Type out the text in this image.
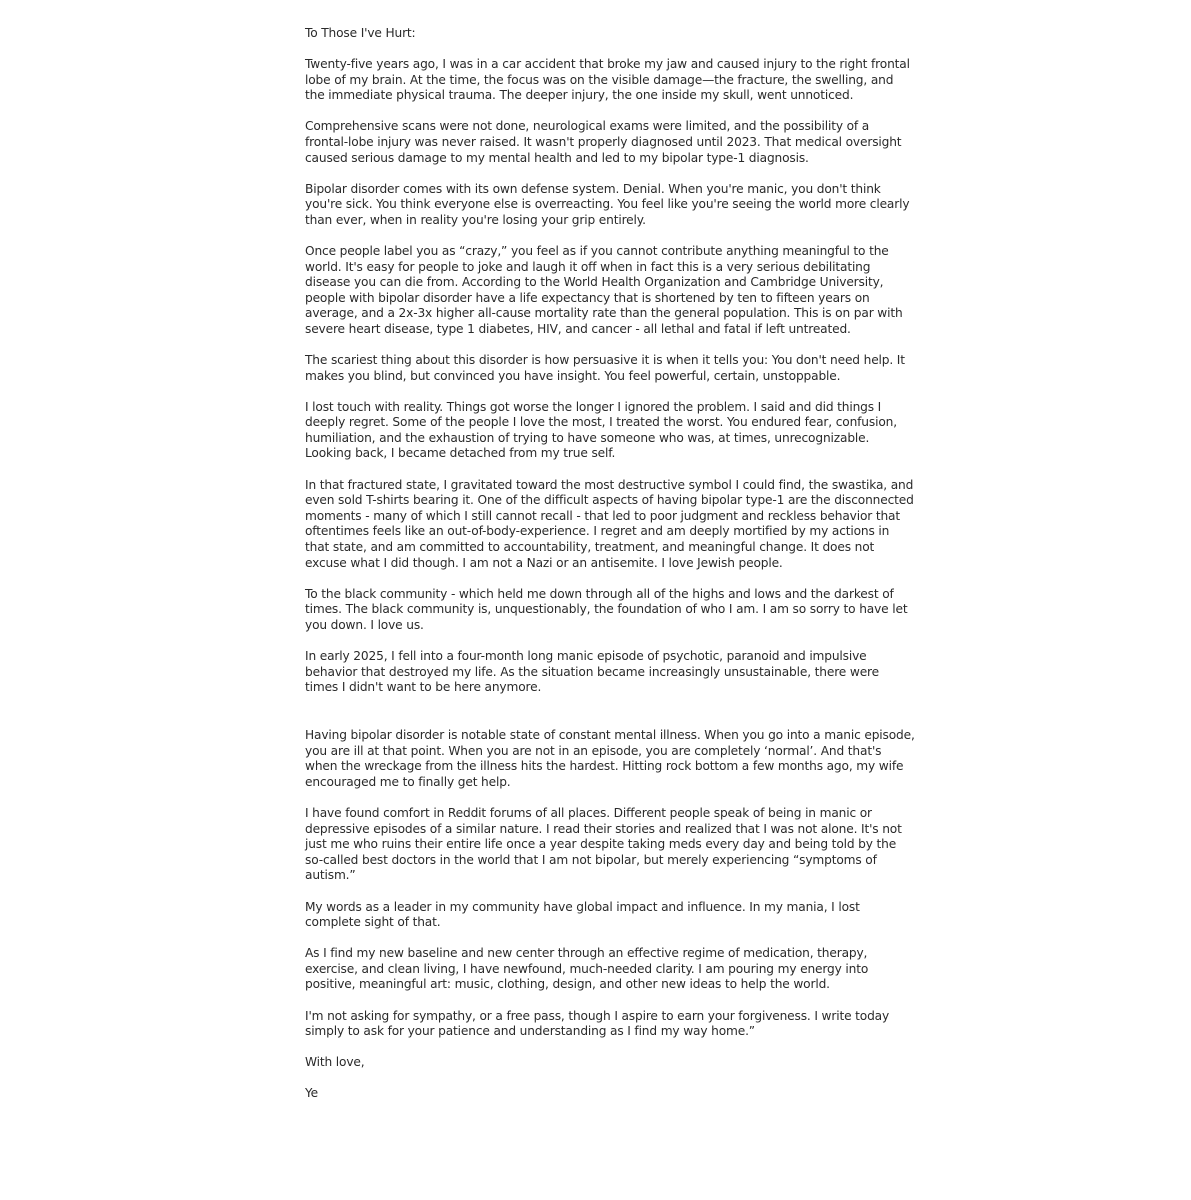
To Those I've Hurt:

Twenty-five years ago, I was in a car accident that broke my jaw and caused injury to the right frontal lobe of my brain. At the time, the focus was on the visible damage—the fracture, the swelling, and the immediate physical trauma. The deeper injury, the one inside my skull, went unnoticed.

Comprehensive scans were not done, neurological exams were limited, and the possibility of a frontal-lobe injury was never raised. It wasn't properly diagnosed until 2023. That medical oversight caused serious damage to my mental health and led to my bipolar type-1 diagnosis.

Bipolar disorder comes with its own defense system. Denial. When you're manic, you don't think you're sick. You think everyone else is overreacting. You feel like you're seeing the world more clearly than ever, when in reality you're losing your grip entirely.

Once people label you as “crazy,” you feel as if you cannot contribute anything meaningful to the world. It's easy for people to joke and laugh it off when in fact this is a very serious debilitating disease you can die from. According to the World Health Organization and Cambridge University, people with bipolar disorder have a life expectancy that is shortened by ten to fifteen years on average, and a 2x-3x higher all-cause mortality rate than the general population. This is on par with severe heart disease, type 1 diabetes, HIV, and cancer - all lethal and fatal if left untreated.

The scariest thing about this disorder is how persuasive it is when it tells you: You don't need help. It makes you blind, but convinced you have insight. You feel powerful, certain, unstoppable.

I lost touch with reality. Things got worse the longer I ignored the problem. I said and did things I deeply regret. Some of the people I love the most, I treated the worst. You endured fear, confusion, humiliation, and the exhaustion of trying to have someone who was, at times, unrecognizable. Looking back, I became detached from my true self.

In that fractured state, I gravitated toward the most destructive symbol I could find, the swastika, and even sold T-shirts bearing it. One of the difficult aspects of having bipolar type-1 are the disconnected moments - many of which I still cannot recall - that led to poor judgment and reckless behavior that oftentimes feels like an out-of-body-experience. I regret and am deeply mortified by my actions in that state, and am committed to accountability, treatment, and meaningful change. It does not excuse what I did though. I am not a Nazi or an antisemite. I love Jewish people.

To the black community - which held me down through all of the highs and lows and the darkest of times. The black community is, unquestionably, the foundation of who I am. I am so sorry to have let you down. I love us.

In early 2025, I fell into a four-month long manic episode of psychotic, paranoid and impulsive behavior that destroyed my life. As the situation became increasingly unsustainable, there were times I didn't want to be here anymore.

Having bipolar disorder is notable state of constant mental illness. When you go into a manic episode, you are ill at that point. When you are not in an episode, you are completely ‘normal’. And that's when the wreckage from the illness hits the hardest. Hitting rock bottom a few months ago, my wife encouraged me to finally get help.

I have found comfort in Reddit forums of all places. Different people speak of being in manic or depressive episodes of a similar nature. I read their stories and realized that I was not alone. It's not just me who ruins their entire life once a year despite taking meds every day and being told by the so-called best doctors in the world that I am not bipolar, but merely experiencing “symptoms of autism.”

My words as a leader in my community have global impact and influence. In my mania, I lost complete sight of that.

As I find my new baseline and new center through an effective regime of medication, therapy, exercise, and clean living, I have newfound, much-needed clarity. I am pouring my energy into positive, meaningful art: music, clothing, design, and other new ideas to help the world.

I'm not asking for sympathy, or a free pass, though I aspire to earn your forgiveness. I write today simply to ask for your patience and understanding as I find my way home.”

With love,

Ye
